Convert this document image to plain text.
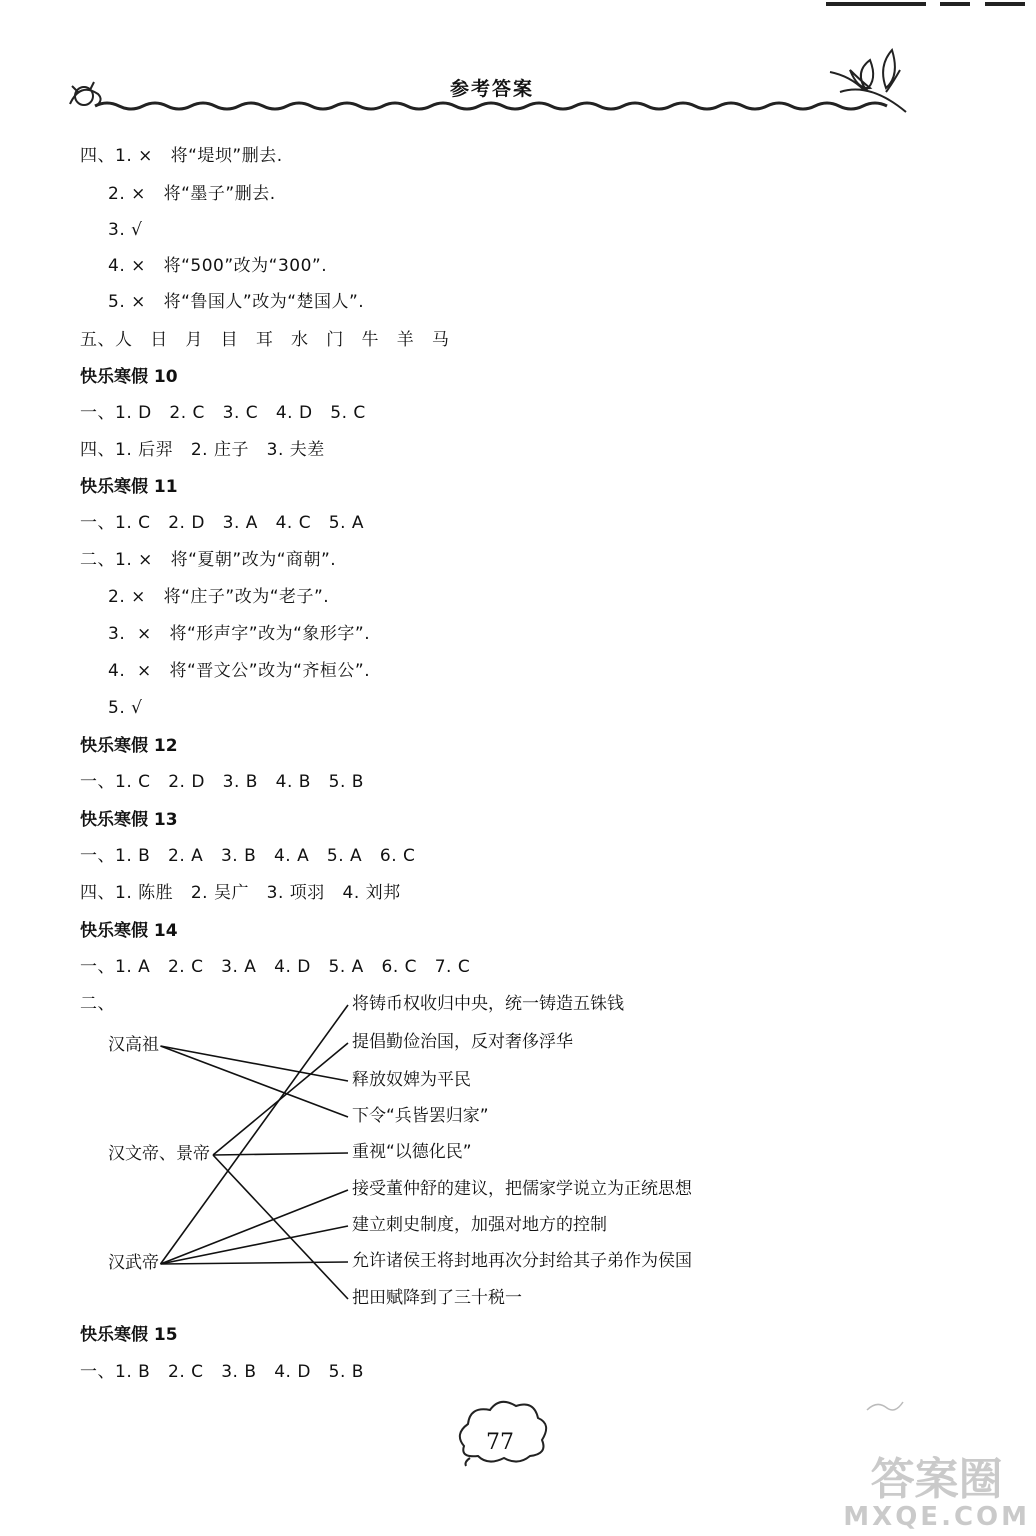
参考答案
四、1. ×   将“堤坝”删去.
2. ×   将“墨子”删去.
3. √
4. ×   将“500”改为“300”.
5. ×   将“鲁国人”改为“楚国人”.
五、人   日   月   目   耳   水   门   牛   羊   马
快乐寒假 10
一、1. D   2. C   3. C   4. D   5. C
四、1. 后羿   2. 庄子   3. 夫差
快乐寒假 11
一、1. C   2. D   3. A   4. C   5. A
二、1. ×   将“夏朝”改为“商朝”.
2. ×   将“庄子”改为“老子”.
3.  ×   将“形声字”改为“象形字”.
4.  ×   将“晋文公”改为“齐桓公”.
5. √
快乐寒假 12
一、1. C   2. D   3. B   4. B   5. B
快乐寒假 13
一、1. B   2. A   3. B   4. A   5. A   6. C
四、1. 陈胜   2. 吴广   3. 项羽   4. 刘邦
快乐寒假 14
一、1. A   2. C   3. A   4. D   5. A   6. C   7. C
二、
快乐寒假 15
一、1. B   2. C   3. B   4. D   5. B
汉高祖
汉文帝、景帝
汉武帝
将铸币权收归中央，统一铸造五铢钱
提倡勤俭治国，反对奢侈浮华
释放奴婢为平民
下令“兵皆罢归家”
重视“以德化民”
接受董仲舒的建议，把儒家学说立为正统思想
建立刺史制度，加强对地方的控制
允许诸侯王将封地再次分封给其子弟作为侯国
把田赋降到了三十税一
77
答案圈
MXQE.COM
